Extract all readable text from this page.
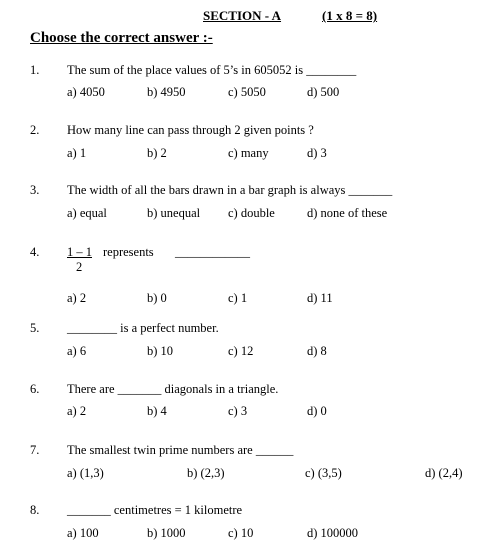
SECTION - A	(1 x 8 = 8)
Choose the correct answer :-
1. The sum of the place values of 5’s in 605052 is ________
a) 4050	b) 4950	c) 5050	d) 500
2. How many line can pass through 2 given points ?
a) 1	b) 2	c) many	d) 3
3. The width of all the bars drawn in a bar graph is always _______
a) equal	b) unequal c) double	d) none of these
4. 1 – 1
2
represents ____________
a) 2	b) 0	c) 1	d) 11
5. ________ is a perfect number.
a) 6	b) 10	c) 12	d) 8
6. There are _______ diagonals in a triangle.
a) 2	b) 4	c) 3	d) 0
7. The smallest twin prime numbers are ______
a) (1,3)	b) (2,3)	c) (3,5)	d) (2,4)
8. _______ centimetres = 1 kilometre
a) 100	b) 1000	c) 10	d) 100000
